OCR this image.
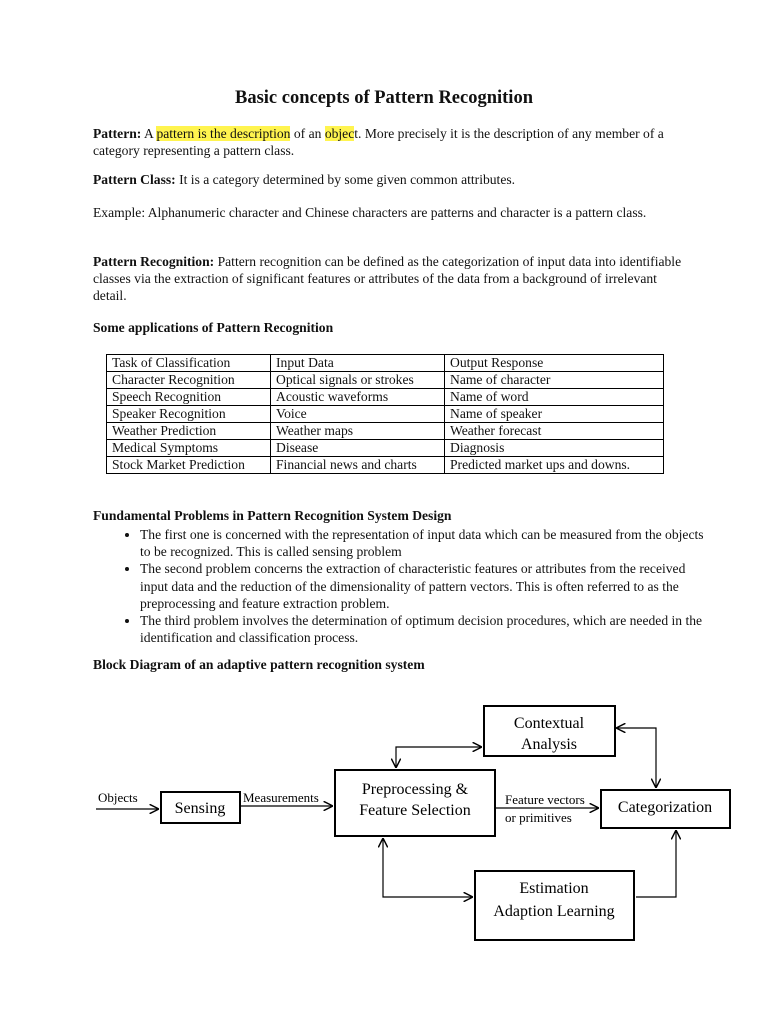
Basic concepts of Pattern Recognition

Pattern: A pattern is the description of an object. More precisely it is the description of any member of a category representing a pattern class.

Pattern Class: It is a category determined by some given common attributes.

Example: Alphanumeric character and Chinese characters are patterns and character is a pattern class.

Pattern Recognition: Pattern recognition can be defined as the categorization of input data into identifiable classes via the extraction of significant features or attributes of the data from a background of irrelevant detail.

Some applications of Pattern Recognition

Task of Classification	Input Data	Output Response
Character Recognition	Optical signals or strokes	Name of character
Speech Recognition	Acoustic waveforms	Name of word
Speaker Recognition	Voice	Name of speaker
Weather Prediction	Weather maps	Weather forecast
Medical Symptoms	Disease	Diagnosis
Stock Market Prediction	Financial news and charts	Predicted market ups and downs.

Fundamental Problems in Pattern Recognition System Design

• The first one is concerned with the representation of input data which can be measured from the objects to be recognized. This is called sensing problem
• The second problem concerns the extraction of characteristic features or attributes from the received input data and the reduction of the dimensionality of pattern vectors. This is often referred to as the preprocessing and feature extraction problem.
• The third problem involves the determination of optimum decision procedures, which are needed in the identification and classification process.

Block Diagram of an adaptive pattern recognition system

Objects
Sensing
Measurements	Preprocessing &
Feature Selection
Contextual
Analysis
Feature vectors
or primitives
Categorization
Estimation
Adaption Learning
